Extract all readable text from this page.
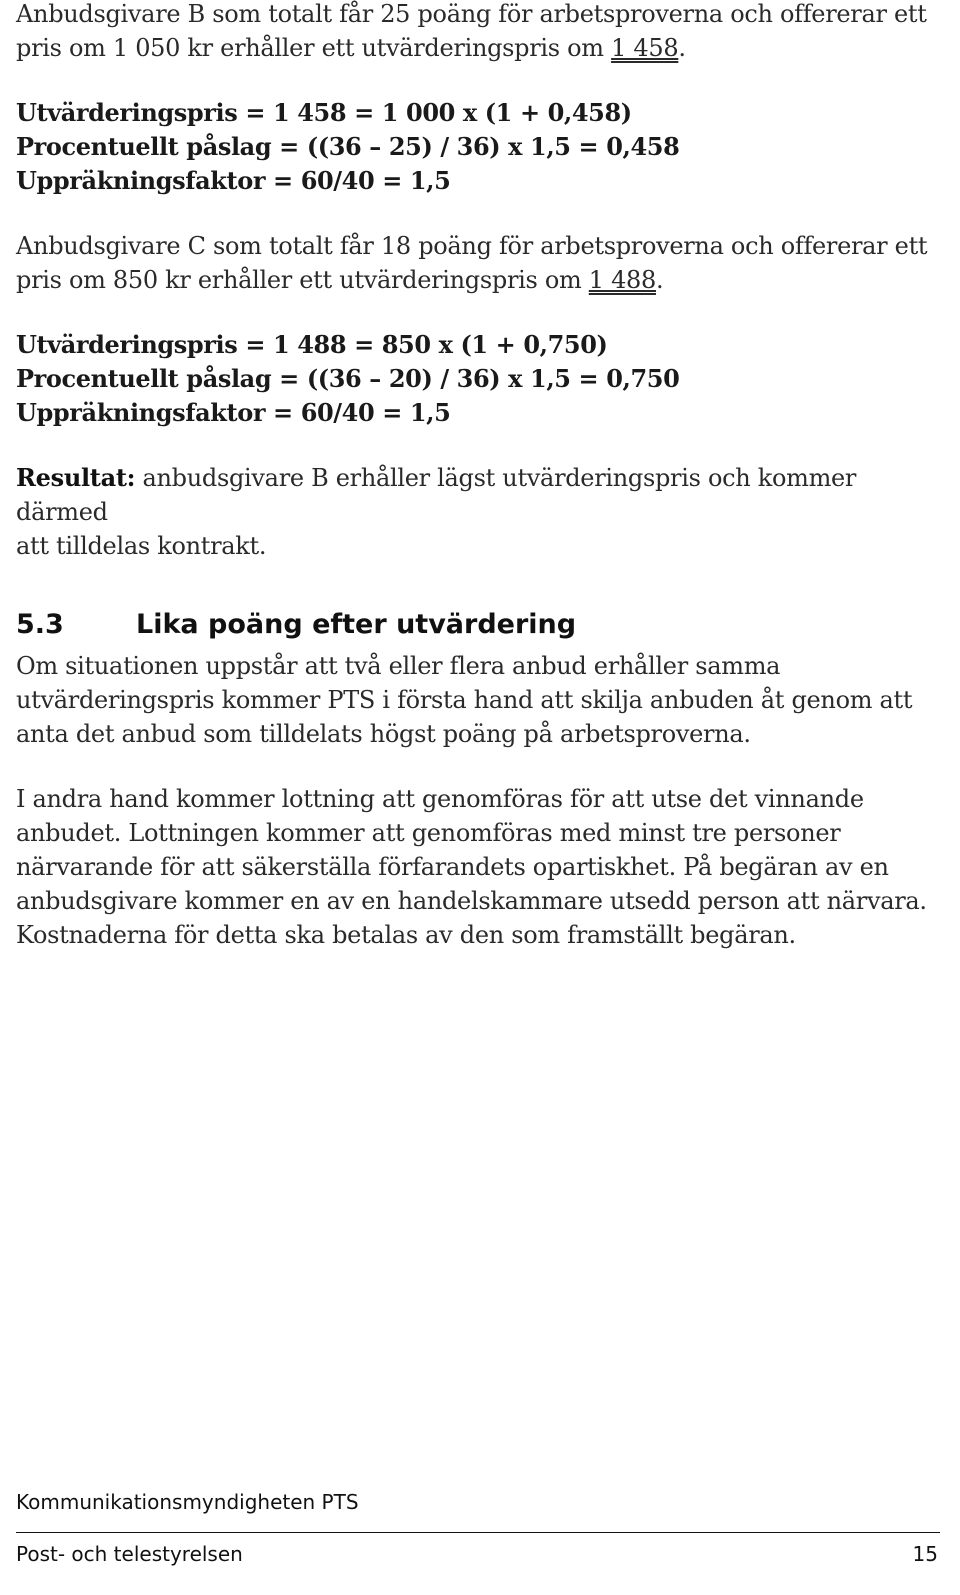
Anbudsgivare B som totalt får 25 poäng för arbetsproverna och offererar ett

pris om 1 050 kr erhåller ett utvärderingspris om 1 458.

Utvärderingspris = 1 458 = 1 000 x (1 + 0,458)

Procentuellt påslag = ((36 – 25) / 36) x 1,5 = 0,458

Uppräkningsfaktor = 60/40 = 1,5

Anbudsgivare C som totalt får 18 poäng för arbetsproverna och offererar ett

pris om 850 kr erhåller ett utvärderingspris om 1 488.

Utvärderingspris = 1 488 = 850 x (1 + 0,750)

Procentuellt påslag = ((36 – 20) / 36) x 1,5 = 0,750

Uppräkningsfaktor = 60/40 = 1,5

Resultat: anbudsgivare B erhåller lägst utvärderingspris och kommer därmed

att tilldelas kontrakt.

5.3	Lika poäng efter utvärdering

Om situationen uppstår att två eller flera anbud erhåller samma

utvärderingspris kommer PTS i första hand att skilja anbuden åt genom att

anta det anbud som tilldelats högst poäng på arbetsproverna.

I andra hand kommer lottning att genomföras för att utse det vinnande

anbudet. Lottningen kommer att genomföras med minst tre personer

närvarande för att säkerställa förfarandets opartiskhet. På begäran av en

anbudsgivare kommer en av en handelskammare utsedd person att närvara.

Kostnaderna för detta ska betalas av den som framställt begäran.

Kommunikationsmyndigheten PTS
Post- och telestyrelsen	15
